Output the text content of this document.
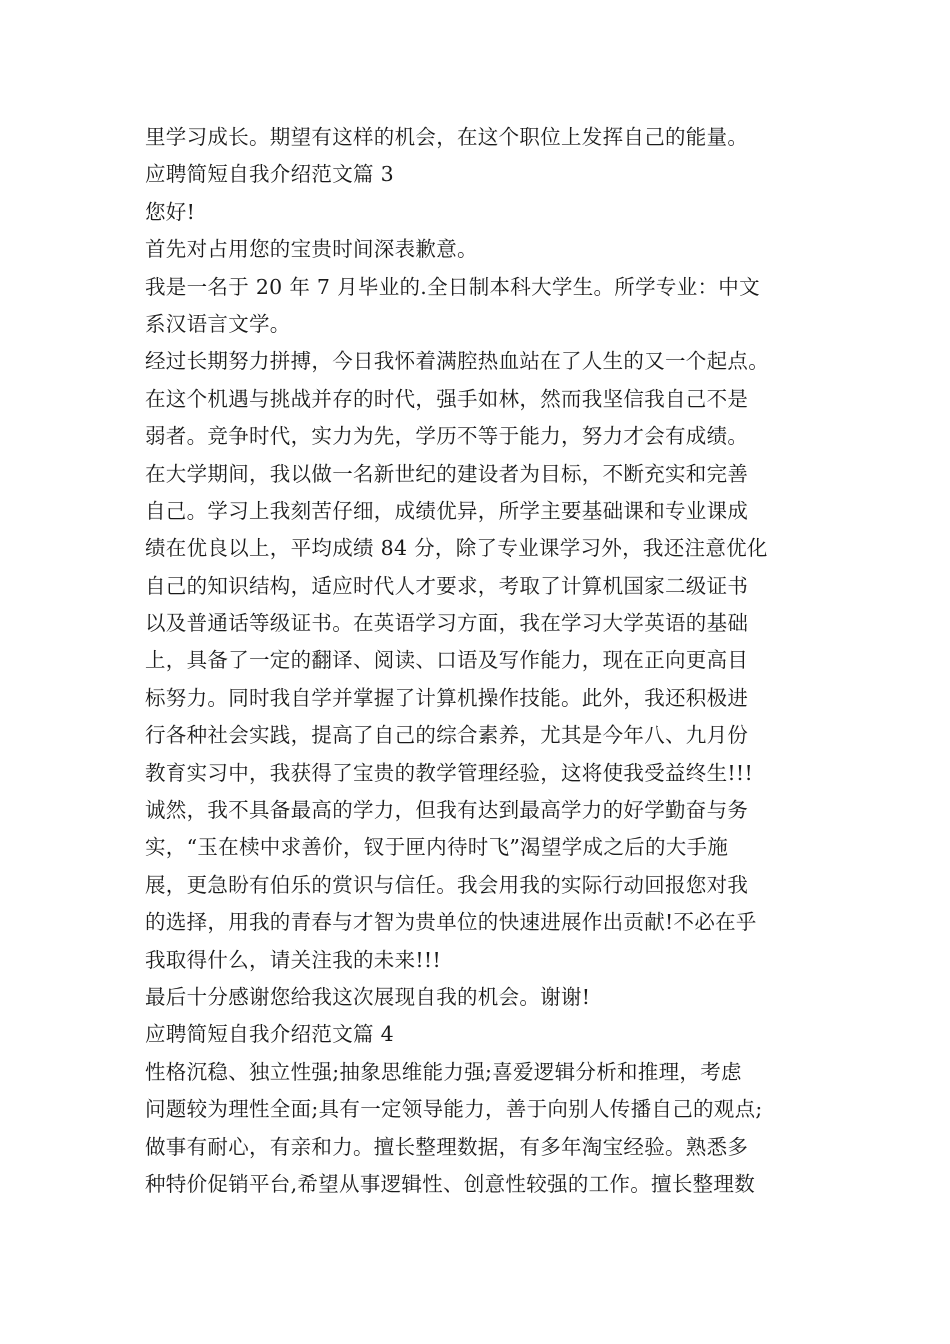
里学习成长。期望有这样的机会，在这个职位上发挥自己的能量。
应聘简短自我介绍范文篇 3
您好!
首先对占用您的宝贵时间深表歉意。
我是一名于 20 年 7 月毕业的.全日制本科大学生。所学专业：中文
系汉语言文学。
经过长期努力拼搏，今日我怀着满腔热血站在了人生的又一个起点。
在这个机遇与挑战并存的时代，强手如林，然而我坚信我自己不是
弱者。竞争时代，实力为先，学历不等于能力，努力才会有成绩。
在大学期间，我以做一名新世纪的建设者为目标，不断充实和完善
自己。学习上我刻苦仔细，成绩优异，所学主要基础课和专业课成
绩在优良以上，平均成绩 84 分，除了专业课学习外，我还注意优化
自己的知识结构，适应时代人才要求，考取了计算机国家二级证书
以及普通话等级证书。在英语学习方面，我在学习大学英语的基础
上，具备了一定的翻译、阅读、口语及写作能力，现在正向更高目
标努力。同时我自学并掌握了计算机操作技能。此外，我还积极进
行各种社会实践，提高了自己的综合素养，尤其是今年八、九月份
教育实习中，我获得了宝贵的教学管理经验，这将使我受益终生!!!
诚然，我不具备最高的学力，但我有达到最高学力的好学勤奋与务
实，“玉在椟中求善价，钗于匣内待时飞”渴望学成之后的大手施
展，更急盼有伯乐的赏识与信任。我会用我的实际行动回报您对我
的选择，用我的青春与才智为贵单位的快速进展作出贡献!不必在乎
我取得什么，请关注我的未来!!!
最后十分感谢您给我这次展现自我的机会。谢谢!
应聘简短自我介绍范文篇 4
性格沉稳、独立性强;抽象思维能力强;喜爱逻辑分析和推理，考虑
问题较为理性全面;具有一定领导能力，善于向别人传播自己的观点;
做事有耐心，有亲和力。擅长整理数据，有多年淘宝经验。熟悉多
种特价促销平台,希望从事逻辑性、创意性较强的工作。擅长整理数
